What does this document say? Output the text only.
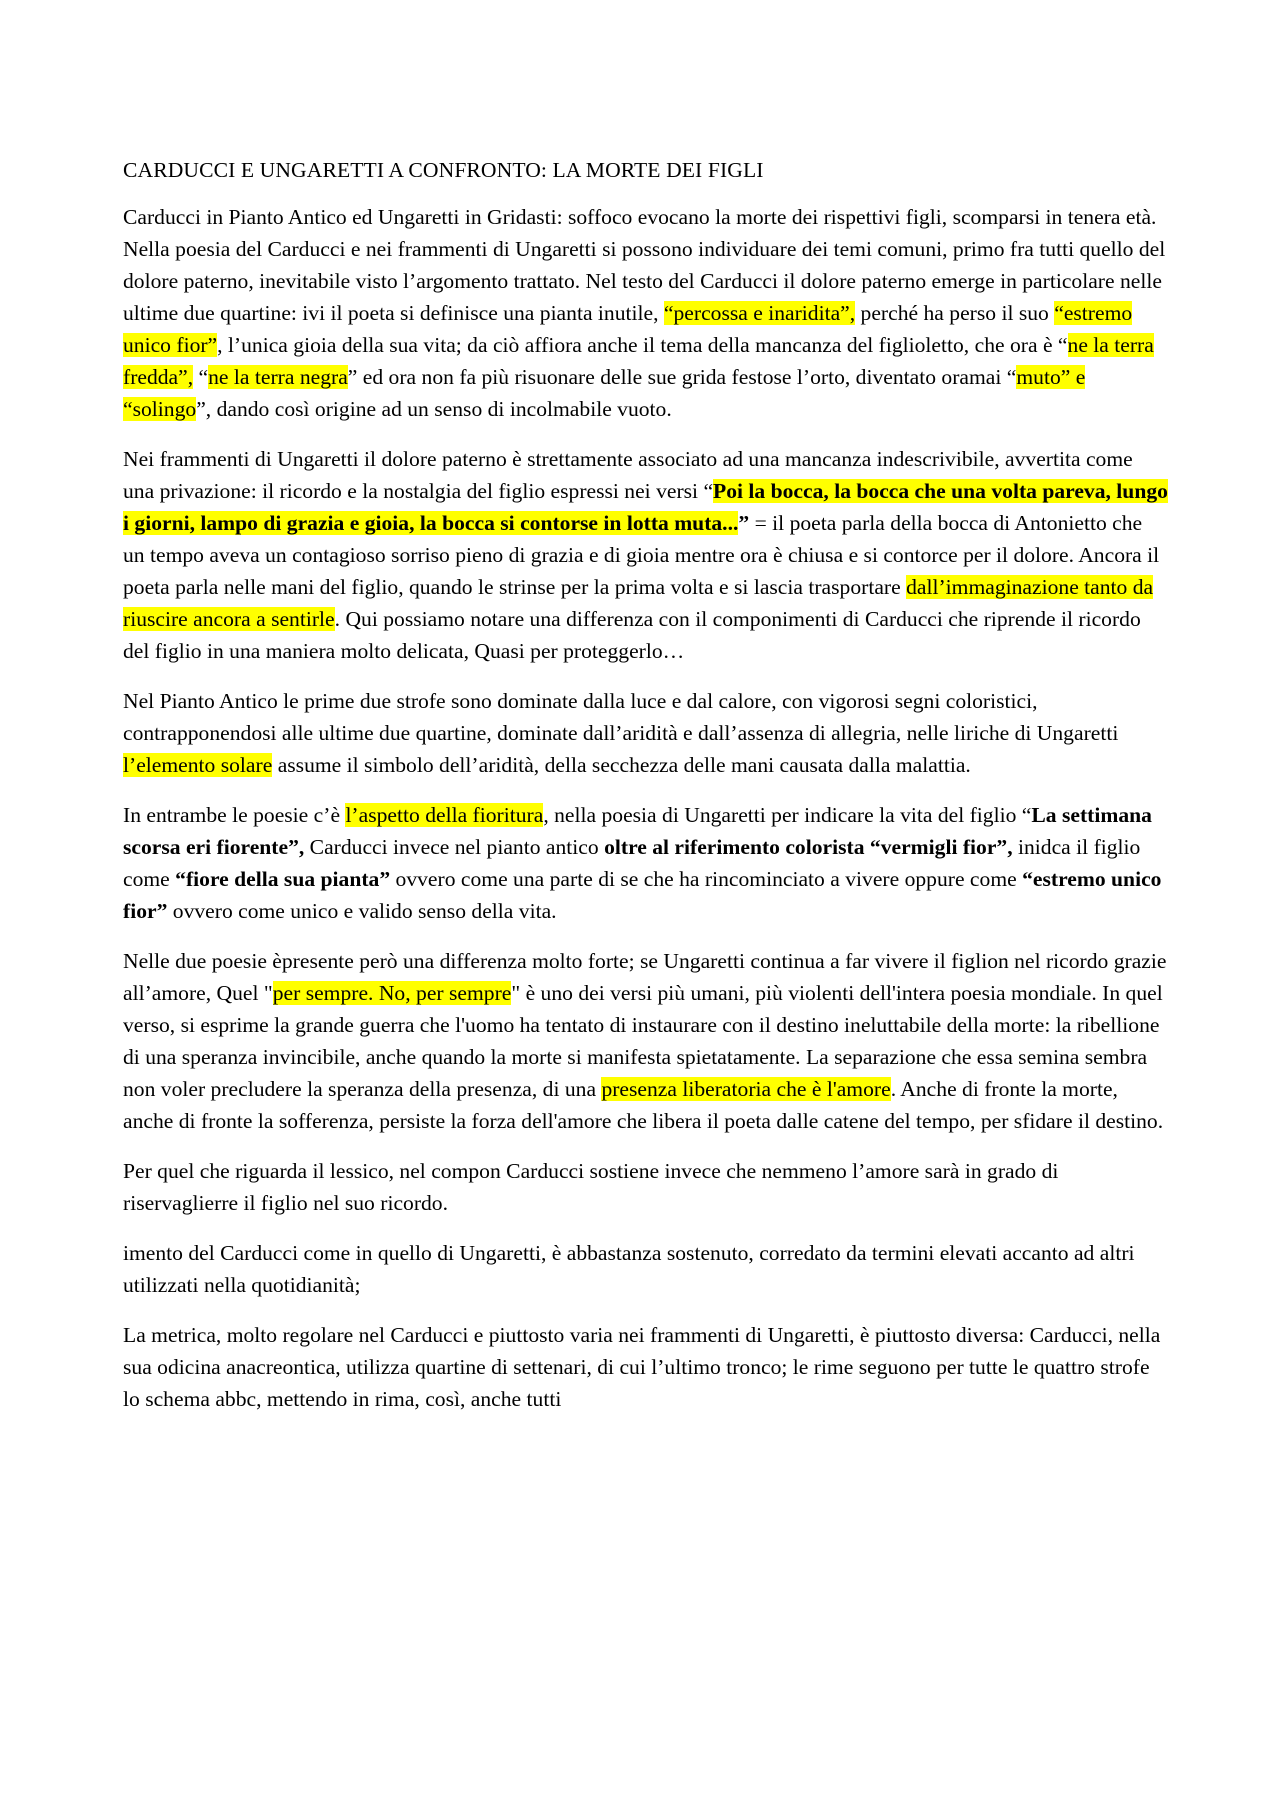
CARDUCCI E UNGARETTI A CONFRONTO: LA MORTE DEI FIGLI

Carducci in Pianto Antico ed Ungaretti in Gridasti: soffoco evocano la morte dei rispettivi figli, scomparsi in tenera età. Nella poesia del Carducci e nei frammenti di Ungaretti si possono individuare dei temi comuni, primo fra tutti quello del dolore paterno, inevitabile visto l’argomento trattato. Nel testo del Carducci il dolore paterno emerge in particolare nelle ultime due quartine: ivi il poeta si definisce una pianta inutile, “percossa e inaridita”, perché ha perso il suo “estremo unico fior”, l’unica gioia della sua vita; da ciò affiora anche il tema della mancanza del figlioletto, che ora è “ne la terra fredda”, “ne la terra negra” ed ora non fa più risuonare delle sue grida festose l’orto, diventato oramai “muto” e “solingo”, dando così origine ad un senso di incolmabile vuoto.

Nei frammenti di Ungaretti il dolore paterno è strettamente associato ad una mancanza indescrivibile, avvertita come una privazione: il ricordo e la nostalgia del figlio espressi nei versi “Poi la bocca, la bocca che una volta pareva, lungo i giorni, lampo di grazia e gioia, la bocca si contorse in lotta muta...” = il poeta parla della bocca di Antonietto che un tempo aveva un contagioso sorriso pieno di grazia e di gioia mentre ora è chiusa e si contorce per il dolore. Ancora il poeta parla nelle mani del figlio, quando le strinse per la prima volta e si lascia trasportare dall’immaginazione tanto da riuscire ancora a sentirle. Qui possiamo notare una differenza con il componimenti di Carducci che riprende il ricordo del figlio in una maniera molto delicata, Quasi per proteggerlo…

Nel Pianto Antico le prime due strofe sono dominate dalla luce e dal calore, con vigorosi segni coloristici, contrapponendosi alle ultime due quartine, dominate dall’aridità e dall’assenza di allegria, nelle liriche di Ungaretti l’elemento solare assume il simbolo dell’aridità, della secchezza delle mani causata dalla malattia.

In entrambe le poesie c’è l’aspetto della fioritura, nella poesia di Ungaretti per indicare la vita del figlio “La settimana scorsa eri fiorente”, Carducci invece nel pianto antico oltre al riferimento colorista “vermigli fior”, inidca il figlio come “fiore della sua pianta” ovvero come una parte di se che ha rincominciato a vivere oppure come “estremo unico fior” ovvero come unico e valido senso della vita.

Nelle due poesie èpresente però una differenza molto forte; se Ungaretti continua a far vivere il figlion nel ricordo grazie all’amore, Quel "per sempre. No, per sempre" è uno dei versi più umani, più violenti dell'intera poesia mondiale. In quel verso, si esprime la grande guerra che l'uomo ha tentato di instaurare con il destino ineluttabile della morte: la ribellione di una speranza invincibile, anche quando la morte si manifesta spietatamente. La separazione che essa semina sembra non voler precludere la speranza della presenza, di una presenza liberatoria che è l'amore. Anche di fronte la morte, anche di fronte la sofferenza, persiste la forza dell'amore che libera il poeta dalle catene del tempo, per sfidare il destino.

Per quel che riguarda il lessico, nel compon Carducci sostiene invece che nemmeno l’amore sarà in grado di riservaglierre il figlio nel suo ricordo.

imento del Carducci come in quello di Ungaretti, è abbastanza sostenuto, corredato da termini elevati accanto ad altri utilizzati nella quotidianità;

La metrica, molto regolare nel Carducci e piuttosto varia nei frammenti di Ungaretti, è piuttosto diversa: Carducci, nella sua odicina anacreontica, utilizza quartine di settenari, di cui l’ultimo tronco; le rime seguono per tutte le quattro strofe lo schema abbc, mettendo in rima, così, anche tutti
